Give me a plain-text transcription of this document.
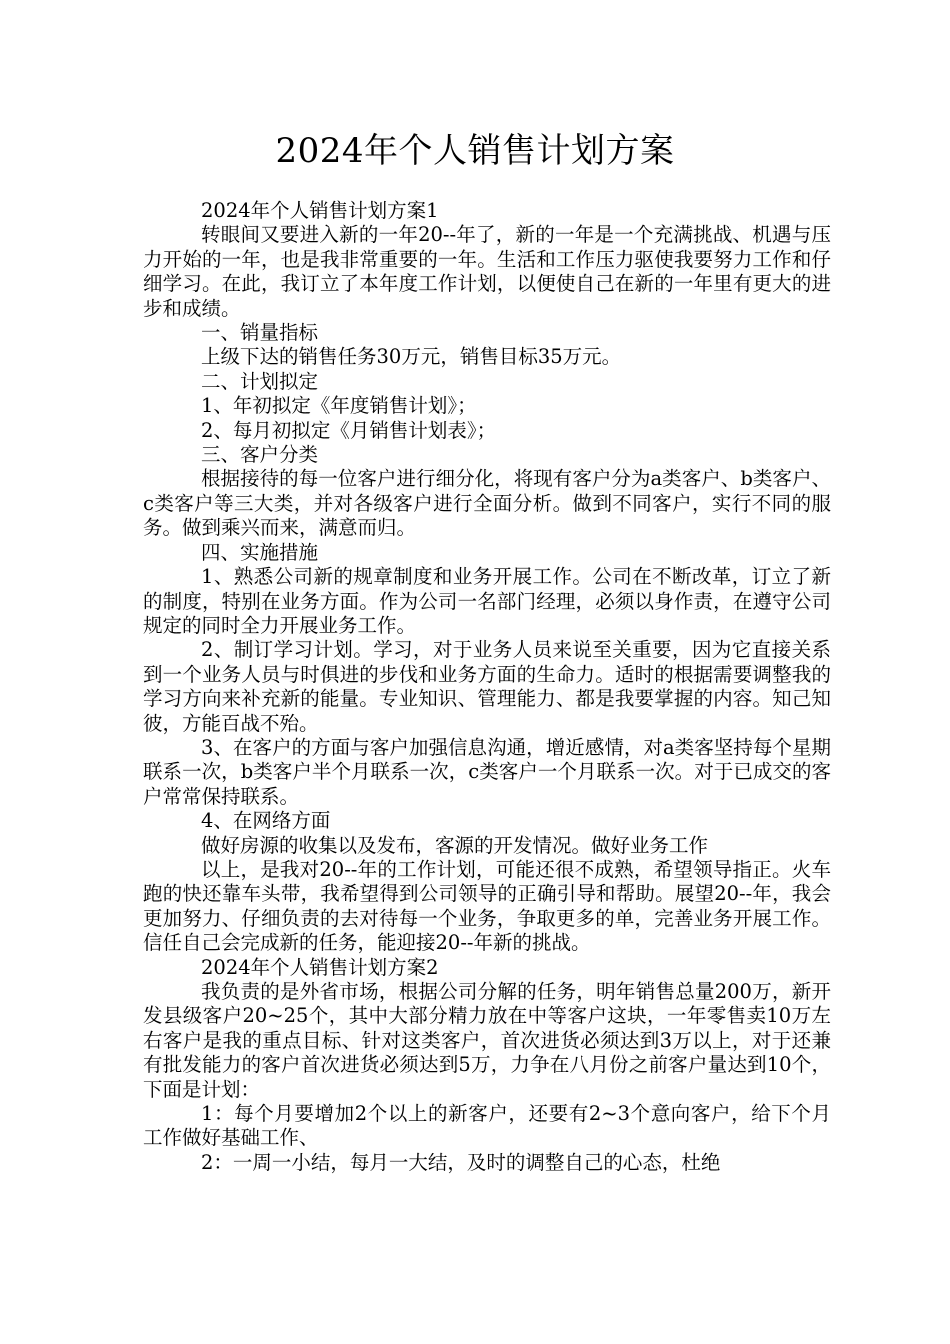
2024年个人销售计划方案

2024年个人销售计划方案1

转眼间又要进入新的一年20--年了，新的一年是一个充满挑战、机遇与压力开始的一年，也是我非常重要的一年。生活和工作压力驱使我要努力工作和仔细学习。在此，我订立了本年度工作计划，以便使自己在新的一年里有更大的进步和成绩。

一、销量指标

上级下达的销售任务30万元，销售目标35万元。

二、计划拟定

1、年初拟定《年度销售计划》；

2、每月初拟定《月销售计划表》；

三、客户分类

根据接待的每一位客户进行细分化，将现有客户分为a类客户、b类客户、c类客户等三大类，并对各级客户进行全面分析。做到不同客户，实行不同的服务。做到乘兴而来，满意而归。

四、实施措施

1、熟悉公司新的规章制度和业务开展工作。公司在不断改革，订立了新的制度，特别在业务方面。作为公司一名部门经理，必须以身作责，在遵守公司规定的同时全力开展业务工作。

2、制订学习计划。学习，对于业务人员来说至关重要，因为它直接关系到一个业务人员与时俱进的步伐和业务方面的生命力。适时的根据需要调整我的学习方向来补充新的能量。专业知识、管理能力、都是我要掌握的内容。知己知彼，方能百战不殆。

3、在客户的方面与客户加强信息沟通，增近感情，对a类客坚持每个星期联系一次，b类客户半个月联系一次，c类客户一个月联系一次。对于已成交的客户常常保持联系。

4、在网络方面

做好房源的收集以及发布，客源的开发情况。做好业务工作

以上，是我对20--年的工作计划，可能还很不成熟，希望领导指正。火车跑的快还靠车头带，我希望得到公司领导的正确引导和帮助。展望20--年，我会更加努力、仔细负责的去对待每一个业务，争取更多的单，完善业务开展工作。信任自己会完成新的任务，能迎接20--年新的挑战。

2024年个人销售计划方案2

我负责的是外省市场，根据公司分解的任务，明年销售总量200万，新开发县级客户20~25个，其中大部分精力放在中等客户这块，一年零售卖10万左右客户是我的重点目标、针对这类客户，首次进货必须达到3万以上，对于还兼有批发能力的客户首次进货必须达到5万，力争在八月份之前客户量达到10个，下面是计划：

1：每个月要增加2个以上的新客户，还要有2~3个意向客户，给下个月工作做好基础工作、

2：一周一小结，每月一大结，及时的调整自己的心态，杜绝
